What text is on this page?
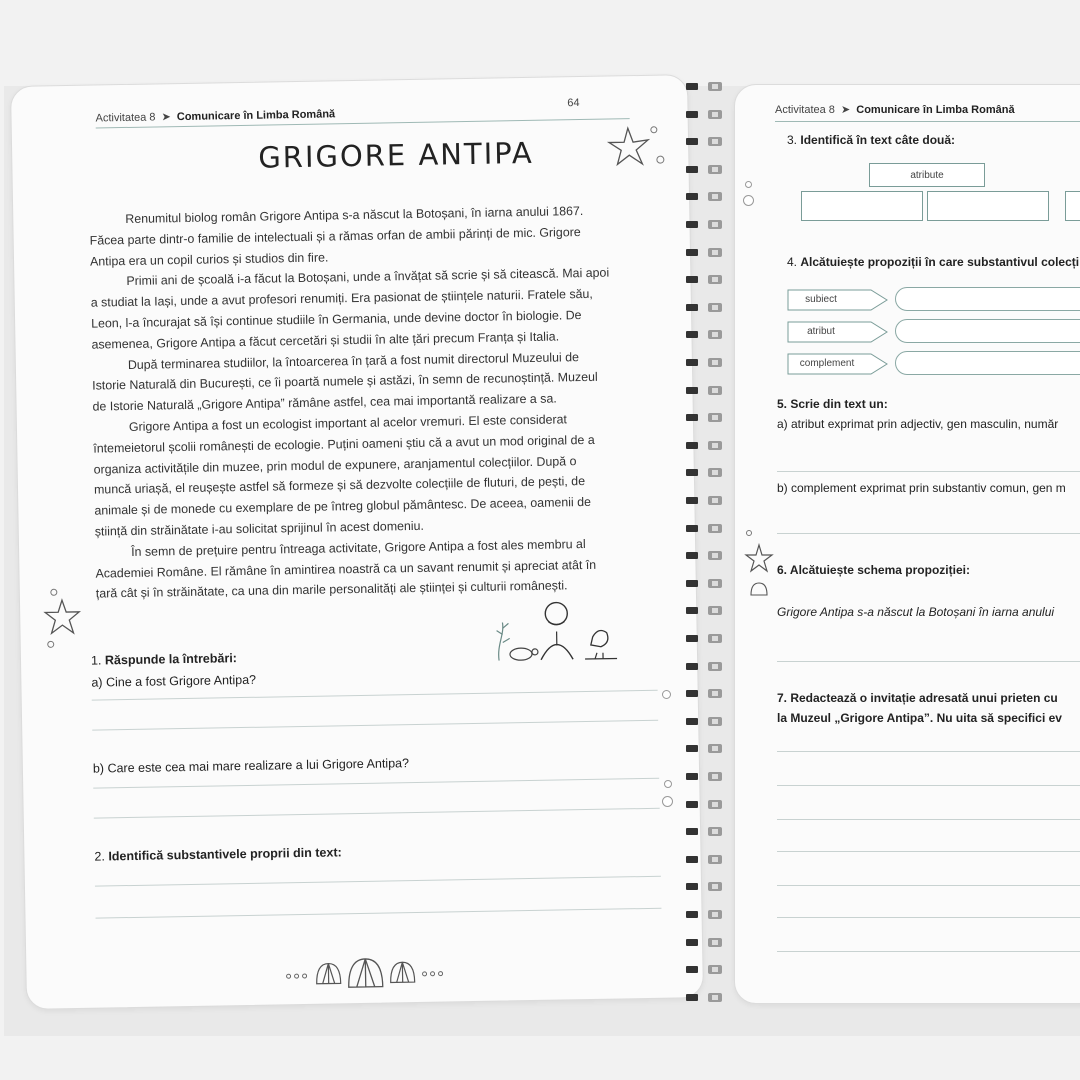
Activitatea 8 ➤ Comunicare în Limba Română
64
GRIGORE ANTIPA

Renumitul biolog român Grigore Antipa s-a născut la Botoșani, în iarna anului 1867. Făcea parte dintr-o familie de intelectuali și a rămas orfan de ambii părinți de mic. Grigore Antipa era un copil curios și studios din fire.

Primii ani de școală i-a făcut la Botoșani, unde a învățat să scrie și să citească. Mai apoi a studiat la Iași, unde a avut profesori renumiți. Era pasionat de științele naturii. Fratele său, Leon, l-a încurajat să își continue studiile în Germania, unde devine doctor în biologie. De asemenea, Grigore Antipa a făcut cercetări și studii în alte țări precum Franța și Italia.

După terminarea studiilor, la întoarcerea în țară a fost numit directorul Muzeului de Istorie Naturală din București, ce îi poartă numele și astăzi, în semn de recunoștință. Muzeul de Istorie Naturală „Grigore Antipa” rămâne astfel, cea mai importantă realizare a sa.

Grigore Antipa a fost un ecologist important al acelor vremuri. El este considerat întemeietorul școlii românești de ecologie. Puțini oameni știu că a avut un mod original de a organiza activitățile din muzee, prin modul de expunere, aranjamentul colecțiilor. După o muncă uriașă, el reușește astfel să formeze și să dezvolte colecțiile de fluturi, de pești, de animale și de monede cu exemplare de pe întreg globul pământesc. De aceea, oamenii de știință din străinătate i-au solicitat sprijinul în acest domeniu.

În semn de prețuire pentru întreaga activitate, Grigore Antipa a fost ales membru al Academiei Române. El rămâne în amintirea noastră ca un savant renumit și apreciat atât în țară cât și în străinătate, ca una din marile personalități ale științei și culturii românești.

1. Răspunde la întrebări:
a) Cine a fost Grigore Antipa?
b) Care este cea mai mare realizare a lui Grigore Antipa?
2. Identifică substantivele proprii din text:
Activitatea 8 ➤ Comunicare în Limba Română
3. Identifică în text câte două:
atribute
4. Alcătuiește propoziții în care substantivul colecți
subiect
atribut
complement
5. Scrie din text un:
a) atribut exprimat prin adjectiv, gen masculin, număr
b) complement exprimat prin substantiv comun, gen m
6. Alcătuiește schema propoziției:
Grigore Antipa s-a născut la Botoșani în iarna anului
7. Redactează o invitație adresată unui prieten cu
la Muzeul „Grigore Antipa”. Nu uita să specifici ev
